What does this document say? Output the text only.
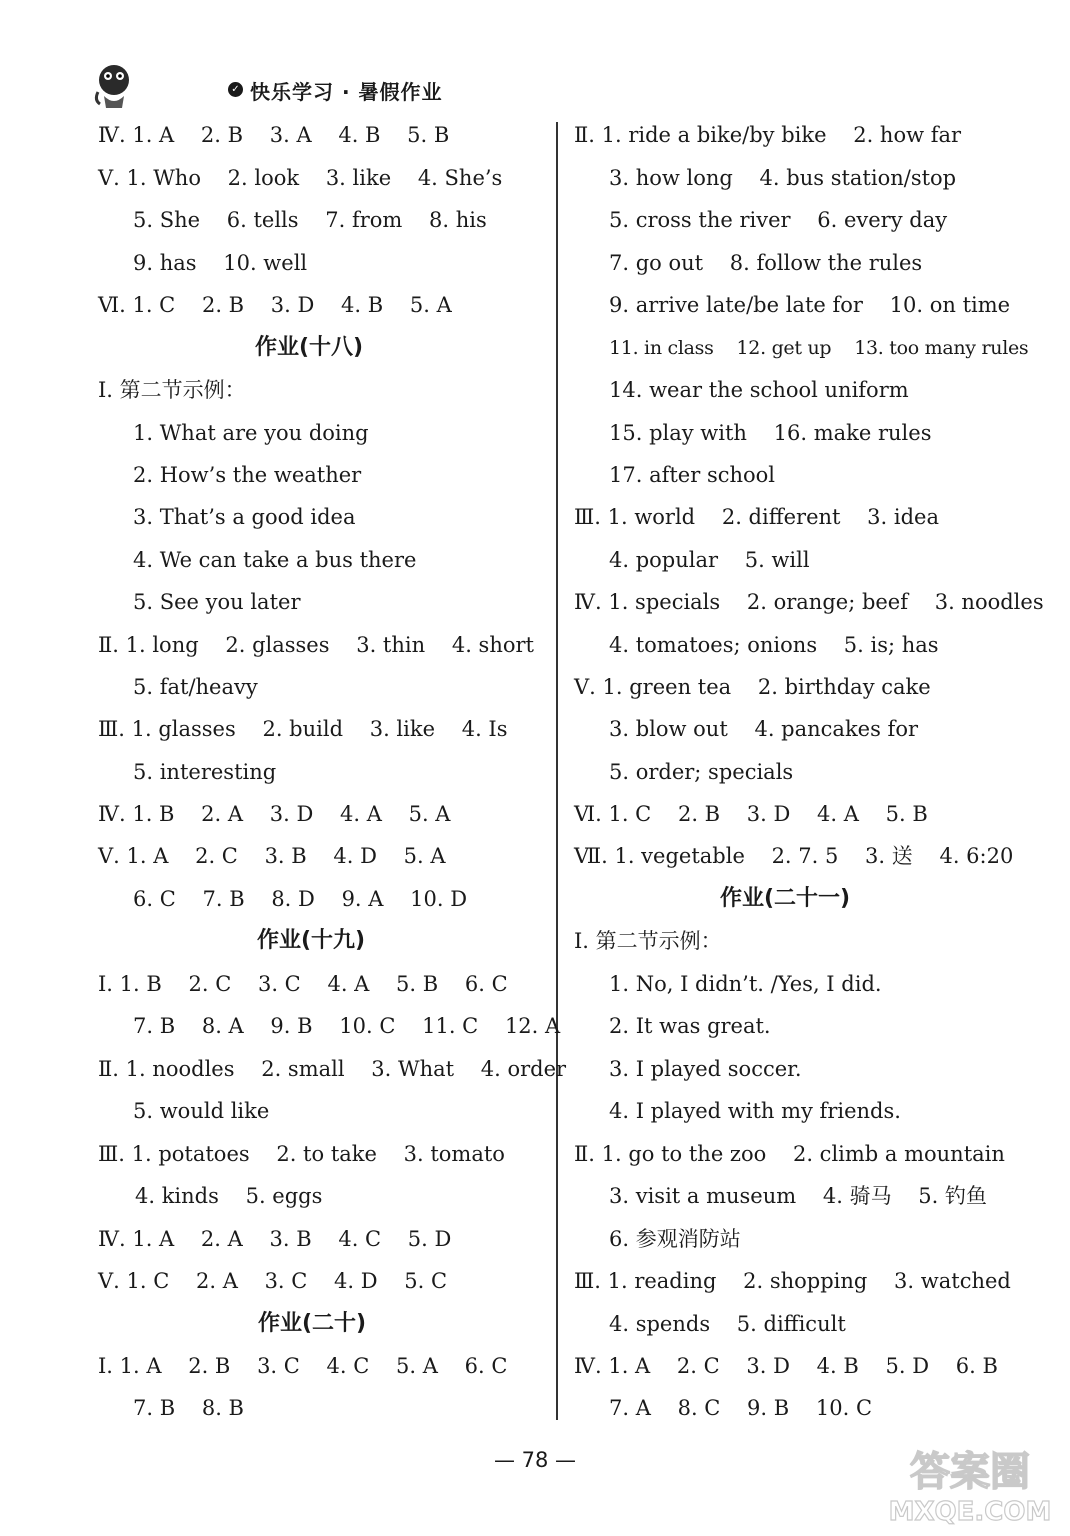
✓ 快乐学习 · 暑假作业
Ⅳ. 1. A    2. B    3. A    4. B    5. B
Ⅴ. 1. Who    2. look    3. like    4. She’s
5. She    6. tells    7. from    8. his
9. has    10. well
Ⅵ. 1. C    2. B    3. D    4. B    5. A
作业(十八)
Ⅰ. 第二节示例：
1. What are you doing
2. How’s the weather
3. That’s a good idea
4. We can take a bus there
5. See you later
Ⅱ. 1. long    2. glasses    3. thin    4. short
5. fat/heavy
Ⅲ. 1. glasses    2. build    3. like    4. Is
5. interesting
Ⅳ. 1. B    2. A    3. D    4. A    5. A
Ⅴ. 1. A    2. C    3. B    4. D    5. A
6. C    7. B    8. D    9. A    10. D
作业(十九)
Ⅰ. 1. B    2. C    3. C    4. A    5. B    6. C
7. B    8. A    9. B    10. C    11. C    12. A
Ⅱ. 1. noodles    2. small    3. What    4. order
5. would like
Ⅲ. 1. potatoes    2. to take    3. tomato
4. kinds    5. eggs
Ⅳ. 1. A    2. A    3. B    4. C    5. D
Ⅴ. 1. C    2. A    3. C    4. D    5. C
作业(二十)
Ⅰ. 1. A    2. B    3. C    4. C    5. A    6. C
7. B    8. B
Ⅱ. 1. ride a bike/by bike    2. how far
3. how long    4. bus station/stop
5. cross the river    6. every day
7. go out    8. follow the rules
9. arrive late/be late for    10. on time
11. in class    12. get up    13. too many rules
14. wear the school uniform
15. play with    16. make rules
17. after school
Ⅲ. 1. world    2. different    3. idea
4. popular    5. will
Ⅳ. 1. specials    2. orange; beef    3. noodles
4. tomatoes; onions    5. is; has
Ⅴ. 1. green tea    2. birthday cake
3. blow out    4. pancakes for
5. order; specials
Ⅵ. 1. C    2. B    3. D    4. A    5. B
Ⅶ. 1. vegetable    2. 7. 5    3. 送    4. 6:20
作业(二十一)
Ⅰ. 第二节示例：
1. No, I didn’t. /Yes, I did.
2. It was great.
3. I played soccer.
4. I played with my friends.
Ⅱ. 1. go to the zoo    2. climb a mountain
3. visit a museum    4. 骑马    5. 钓鱼
6. 参观消防站
Ⅲ. 1. reading    2. shopping    3. watched
4. spends    5. difficult
Ⅳ. 1. A    2. C    3. D    4. B    5. D    6. B
7. A    8. C    9. B    10. C
— 78 —	答案圈
MXQE.COM
